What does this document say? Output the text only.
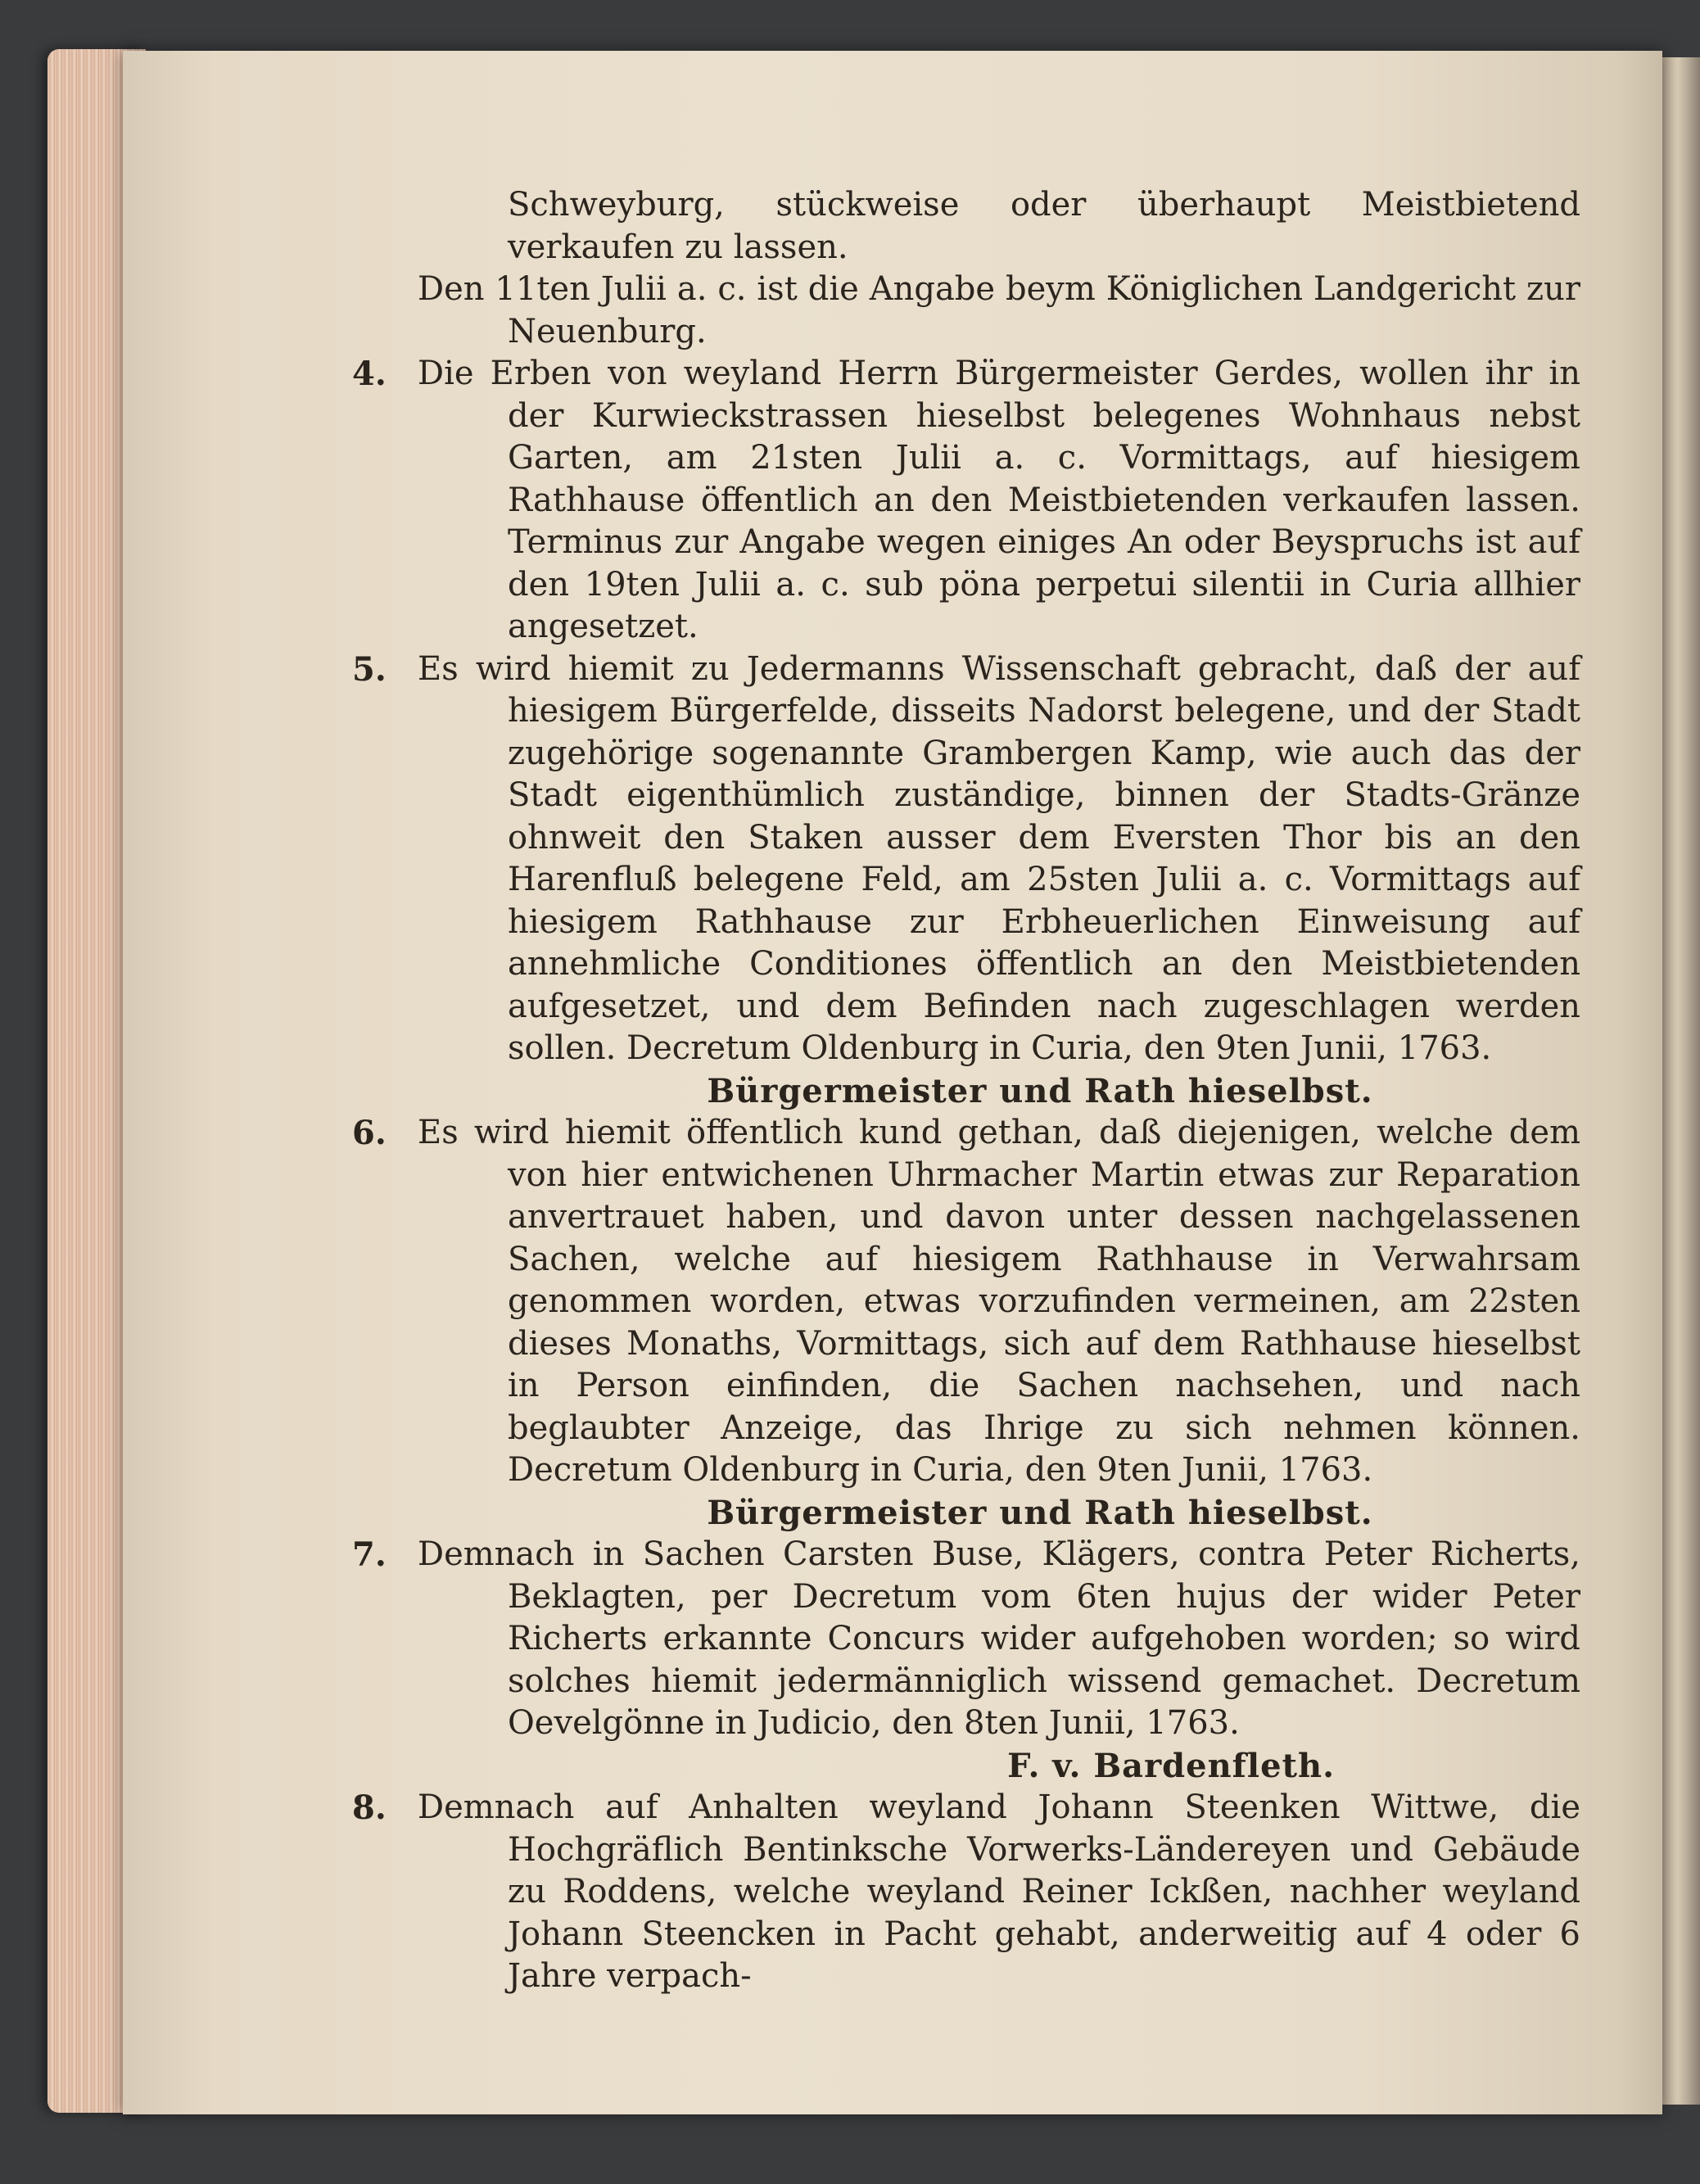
Schweyburg, stückweise oder überhaupt Meistbietend verkaufen zu lassen.
Den 11ten Julii a. c. ist die Angabe beym Königlichen Landgericht zur Neuenburg.
4. Die Erben von weyland Herrn Bürgermeister Gerdes, wollen ihr in der Kurwieckstrassen hieselbst belegenes Wohnhaus nebst Garten, am 21sten Julii a. c. Vormittags, auf hiesigem Rathhause öffentlich an den Meistbietenden verkaufen lassen. Terminus zur Angabe wegen einiges An oder Beyspruchs ist auf den 19ten Julii a. c. sub pöna perpetui silentii in Curia allhier angesetzet.
5. Es wird hiemit zu Jedermanns Wissenschaft gebracht, daß der auf hiesigem Bürgerfelde, disseits Nadorst belegene, und der Stadt zugehörige sogenannte Grambergen Kamp, wie auch das der Stadt eigenthümlich zuständige, binnen der Stadts-Gränze ohnweit den Staken ausser dem Eversten Thor bis an den Harenfluß belegene Feld, am 25sten Julii a. c. Vormittags auf hiesigem Rathhause zur Erbheuerlichen Einweisung auf annehmliche Conditiones öffentlich an den Meistbietenden aufgesetzet, und dem Befinden nach zugeschlagen werden sollen. Decretum Oldenburg in Curia, den 9ten Junii, 1763.
Bürgermeister und Rath hieselbst.
6. Es wird hiemit öffentlich kund gethan, daß diejenigen, welche dem von hier entwichenen Uhrmacher Martin etwas zur Reparation anvertrauet haben, und davon unter dessen nachgelassenen Sachen, welche auf hiesigem Rathhause in Verwahrsam genommen worden, etwas vorzufinden vermeinen, am 22sten dieses Monaths, Vormittags, sich auf dem Rathhause hieselbst in Person einfinden, die Sachen nachsehen, und nach beglaubter Anzeige, das Ihrige zu sich nehmen können. Decretum Oldenburg in Curia, den 9ten Junii, 1763.
Bürgermeister und Rath hieselbst.
7. Demnach in Sachen Carsten Buse, Klägers, contra Peter Richerts, Beklagten, per Decretum vom 6ten hujus der wider Peter Richerts erkannte Concurs wider aufgehoben worden; so wird solches hiemit jedermänniglich wissend gemachet. Decretum Oevelgönne in Judicio, den 8ten Junii, 1763.
F. v. Bardenfleth.
8. Demnach auf Anhalten weyland Johann Steenken Wittwe, die Hochgräflich Bentinksche Vorwerks-Ländereyen und Gebäude zu Roddens, welche weyland Reiner Ickßen, nachher weyland Johann Steencken in Pacht gehabt, anderweitig auf 4 oder 6 Jahre verpach-
